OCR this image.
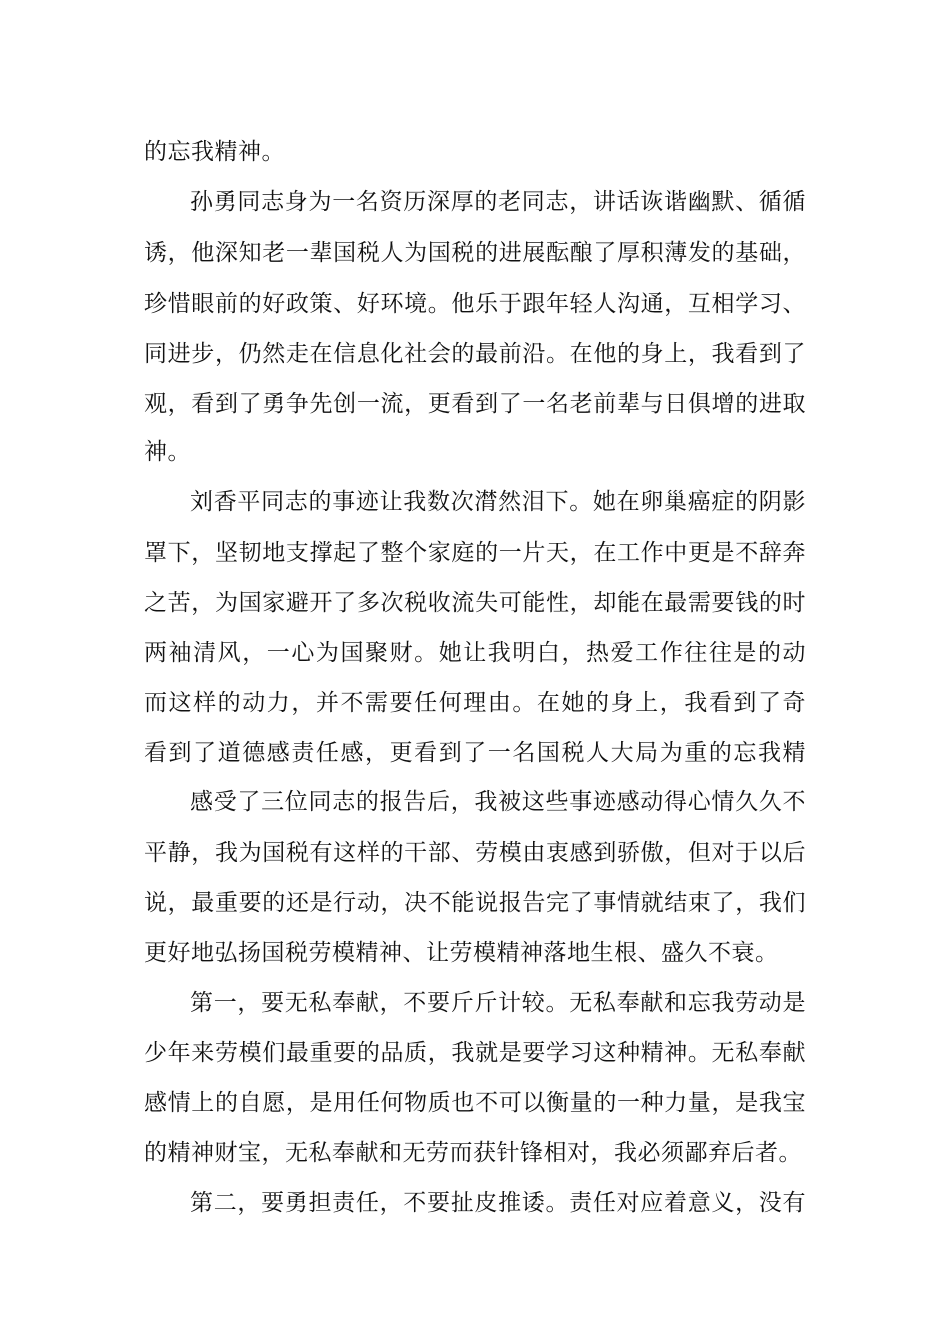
的忘我精神。
孙勇同志身为一名资历深厚的老同志，讲话诙谐幽默、循循
诱，他深知老一辈国税人为国税的进展酝酿了厚积薄发的基础，
珍惜眼前的好政策、好环境。他乐于跟年轻人沟通，互相学习、
同进步，仍然走在信息化社会的最前沿。在他的身上，我看到了
观，看到了勇争先创一流，更看到了一名老前辈与日俱增的进取
神。
刘香平同志的事迹让我数次潸然泪下。她在卵巢癌症的阴影
罩下，坚韧地支撑起了整个家庭的一片天，在工作中更是不辞奔
之苦，为国家避开了多次税收流失可能性，却能在最需要钱的时
两袖清风，一心为国聚财。她让我明白，热爱工作往往是的动
而这样的动力，并不需要任何理由。在她的身上，我看到了奇
看到了道德感责任感，更看到了一名国税人大局为重的忘我精
感受了三位同志的报告后，我被这些事迹感动得心情久久不
平静，我为国税有这样的干部、劳模由衷感到骄傲，但对于以后
说，最重要的还是行动，决不能说报告完了事情就结束了，我们
更好地弘扬国税劳模精神、让劳模精神落地生根、盛久不衰。
第一，要无私奉献，不要斤斤计较。无私奉献和忘我劳动是
少年来劳模们最重要的品质，我就是要学习这种精神。无私奉献
感情上的自愿，是用任何物质也不可以衡量的一种力量，是我宝
的精神财宝，无私奉献和无劳而获针锋相对，我必须鄙弃后者。
第二，要勇担责任，不要扯皮推诿。责任对应着意义，没有
